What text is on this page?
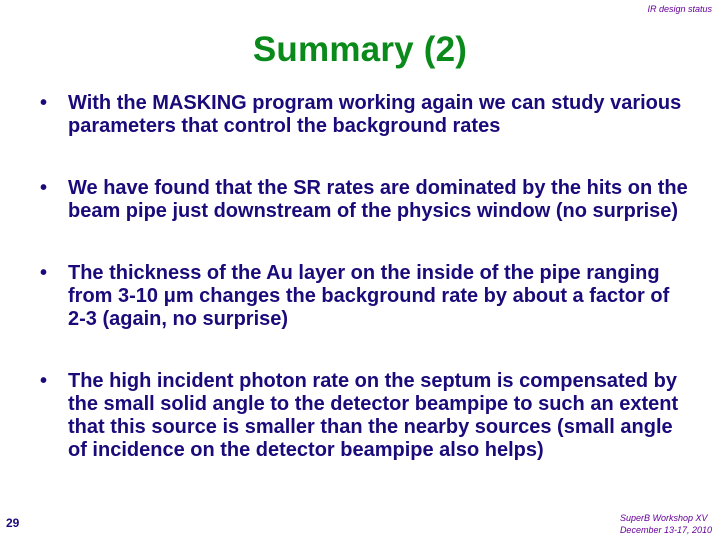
IR design status
Summary (2)
• With the MASKING program working again we can study various parameters that control the background rates
• We have found that the SR rates are dominated by the hits on the beam pipe just downstream of the physics window (no surprise)
• The thickness of the Au layer on the inside of the pipe ranging from 3-10 μm changes the background rate by about a factor of 2-3 (again, no surprise)
• The high incident photon rate on the septum is compensated by the small solid angle to the detector beampipe to such an extent that this source is smaller than the nearby sources (small angle of incidence on the detector beampipe also helps)
29	SuperB Workshop XV
December 13-17, 2010
